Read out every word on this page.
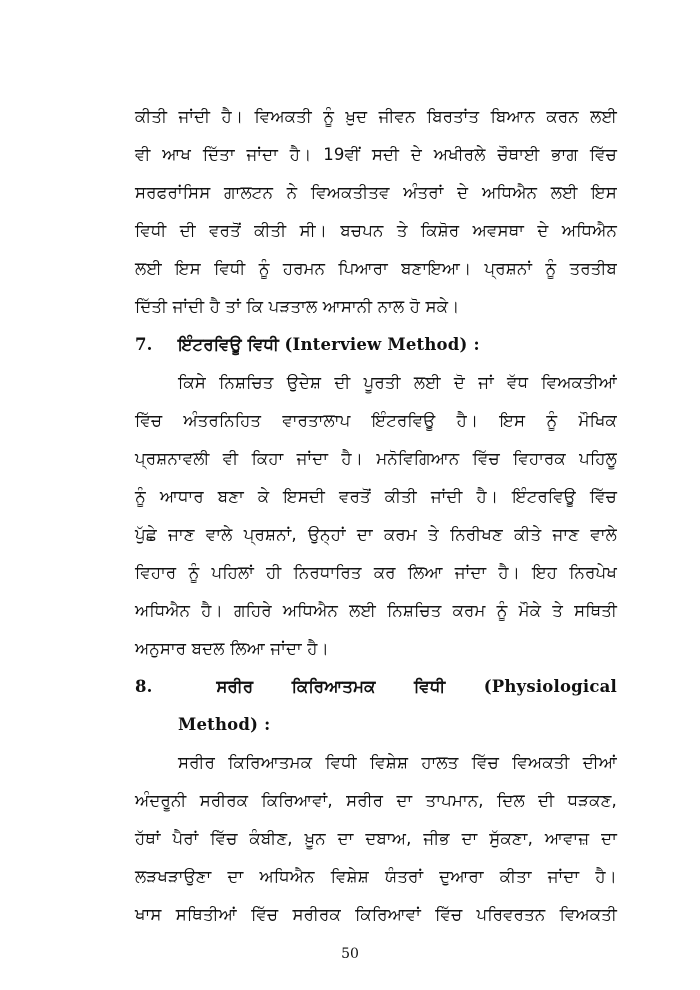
ਕੀਤੀ ਜਾਂਦੀ ਹੈ। ਵਿਅਕਤੀ ਨੂੰ ਖ਼ੁਦ ਜੀਵਨ ਬਿਰਤਾਂਤ ਬਿਆਨ ਕਰਨ ਲਈ
ਵੀ ਆਖ ਦਿੱਤਾ ਜਾਂਦਾ ਹੈ। 19ਵੀਂ ਸਦੀ ਦੇ ਅਖੀਰਲੇ ਚੌਥਾਈ ਭਾਗ ਵਿੱਚ
ਸਰਫਰਾਂਸਿਸ ਗਾਲਟਨ ਨੇ ਵਿਅਕਤੀਤਵ ਅੰਤਰਾਂ ਦੇ ਅਧਿਐਨ ਲਈ ਇਸ
ਵਿਧੀ ਦੀ ਵਰਤੋਂ ਕੀਤੀ ਸੀ। ਬਚਪਨ ਤੇ ਕਿਸ਼ੋਰ ਅਵਸਥਾ ਦੇ ਅਧਿਐਨ
ਲਈ ਇਸ ਵਿਧੀ ਨੂੰ ਹਰਮਨ ਪਿਆਰਾ ਬਣਾਇਆ। ਪ੍ਰਸ਼ਨਾਂ ਨੂੰ ਤਰਤੀਬ
ਦਿੱਤੀ ਜਾਂਦੀ ਹੈ ਤਾਂ ਕਿ ਪੜਤਾਲ ਆਸਾਨੀ ਨਾਲ ਹੋ ਸਕੇ।
7. ਇੰਟਰਵਿਊ ਵਿਧੀ (Interview Method) :
ਕਿਸੇ ਨਿਸ਼ਚਿਤ ਉਦੇਸ਼ ਦੀ ਪੂਰਤੀ ਲਈ ਦੋ ਜਾਂ ਵੱਧ ਵਿਅਕਤੀਆਂ
ਵਿੱਚ ਅੰਤਰਨਿਹਿਤ ਵਾਰਤਾਲਾਪ ਇੰਟਰਵਿਊ ਹੈ। ਇਸ ਨੂੰ ਮੌਖਿਕ
ਪ੍ਰਸ਼ਨਾਵਲੀ ਵੀ ਕਿਹਾ ਜਾਂਦਾ ਹੈ। ਮਨੋਵਿਗਿਆਨ ਵਿੱਚ ਵਿਹਾਰਕ ਪਹਿਲੂ
ਨੂੰ ਆਧਾਰ ਬਣਾ ਕੇ ਇਸਦੀ ਵਰਤੋਂ ਕੀਤੀ ਜਾਂਦੀ ਹੈ। ਇੰਟਰਵਿਊ ਵਿੱਚ
ਪੁੱਛੇ ਜਾਣ ਵਾਲੇ ਪ੍ਰਸ਼ਨਾਂ, ਉਨ੍ਹਾਂ ਦਾ ਕਰਮ ਤੇ ਨਿਰੀਖਣ ਕੀਤੇ ਜਾਣ ਵਾਲੇ
ਵਿਹਾਰ ਨੂੰ ਪਹਿਲਾਂ ਹੀ ਨਿਰਧਾਰਿਤ ਕਰ ਲਿਆ ਜਾਂਦਾ ਹੈ। ਇਹ ਨਿਰਪੇਖ
ਅਧਿਐਨ ਹੈ। ਗਹਿਰੇ ਅਧਿਐਨ ਲਈ ਨਿਸ਼ਚਿਤ ਕਰਮ ਨੂੰ ਮੌਕੇ ਤੇ ਸਥਿਤੀ
ਅਨੁਸਾਰ ਬਦਲ ਲਿਆ ਜਾਂਦਾ ਹੈ।
8.	ਸਰੀਰ ਕਿਰਿਆਤਮਕ ਵਿਧੀ (Physiological
Method) :
ਸਰੀਰ ਕਿਰਿਆਤਮਕ ਵਿਧੀ ਵਿਸ਼ੇਸ਼ ਹਾਲਤ ਵਿੱਚ ਵਿਅਕਤੀ ਦੀਆਂ
ਅੰਦਰੂਨੀ ਸਰੀਰਕ ਕਿਰਿਆਵਾਂ, ਸਰੀਰ ਦਾ ਤਾਪਮਾਨ, ਦਿਲ ਦੀ ਧੜਕਣ,
ਹੱਥਾਂ ਪੈਰਾਂ ਵਿੱਚ ਕੰਬੀਣ, ਖ਼ੂਨ ਦਾ ਦਬਾਅ, ਜੀਭ ਦਾ ਸੁੱਕਣਾ, ਆਵਾਜ਼ ਦਾ
ਲੜਖੜਾਉਣਾ ਦਾ ਅਧਿਐਨ ਵਿਸ਼ੇਸ਼ ਯੰਤਰਾਂ ਦੁਆਰਾ ਕੀਤਾ ਜਾਂਦਾ ਹੈ।
ਖਾਸ ਸਥਿਤੀਆਂ ਵਿੱਚ ਸਰੀਰਕ ਕਿਰਿਆਵਾਂ ਵਿੱਚ ਪਰਿਵਰਤਨ ਵਿਅਕਤੀ
50
